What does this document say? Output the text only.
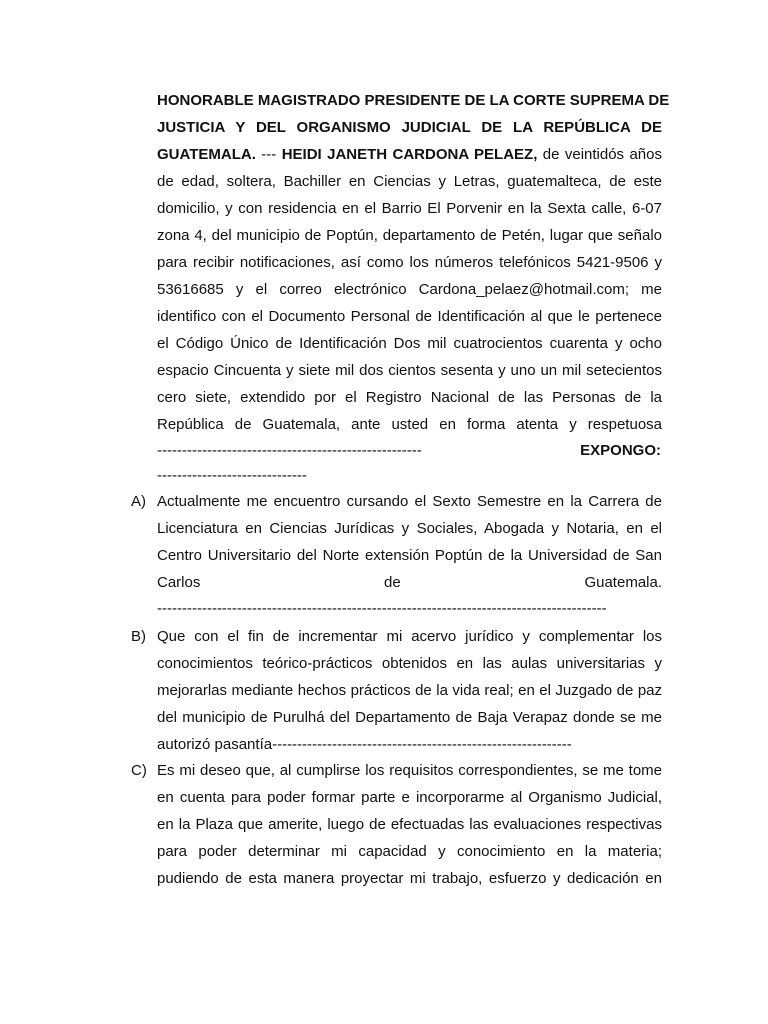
HONORABLE MAGISTRADO PRESIDENTE DE LA CORTE SUPREMA DE
JUSTICIA Y DEL ORGANISMO JUDICIAL DE LA REPÚBLICA DE
GUATEMALA. --- HEIDI JANETH CARDONA PELAEZ, de veintidós años
de edad, soltera, Bachiller en Ciencias y Letras, guatemalteca, de este
domicilio, y con residencia en el Barrio El Porvenir en la Sexta calle, 6-07
zona 4, del municipio de Poptún, departamento de Petén, lugar que señalo
para recibir notificaciones, así como los números telefónicos 5421-9506 y
53616685 y el correo electrónico Cardona_pelaez@hotmail.com; me
identifico con el Documento Personal de Identificación al que le pertenece
el Código Único de Identificación Dos mil cuatrocientos cuarenta y ocho
espacio Cincuenta y siete mil dos cientos sesenta y uno un mil setecientos
cero siete, extendido por el Registro Nacional de las Personas de la
República de Guatemala, ante usted en forma atenta y respetuosa
-----------------------------------------------------	EXPONGO:
------------------------------
A) Actualmente me encuentro cursando el Sexto Semestre en la Carrera de
Licenciatura en Ciencias Jurídicas y Sociales, Abogada y Notaria, en el
Centro Universitario del Norte extensión Poptún de la Universidad de San
Carlos de Guatemala.
------------------------------------------------------------------------------------------
B) Que con el fin de incrementar mi acervo jurídico y complementar los
conocimientos teórico-prácticos obtenidos en las aulas universitarias y
mejorarlas mediante hechos prácticos de la vida real; en el Juzgado de paz
del municipio de Purulhá del Departamento de Baja Verapaz donde se me
autorizó pasantía------------------------------------------------------------
C) Es mi deseo que, al cumplirse los requisitos correspondientes, se me tome
en cuenta para poder formar parte e incorporarme al Organismo Judicial,
en la Plaza que amerite, luego de efectuadas las evaluaciones respectivas
para poder determinar mi capacidad y conocimiento en la materia;
pudiendo de esta manera proyectar mi trabajo, esfuerzo y dedicación en
